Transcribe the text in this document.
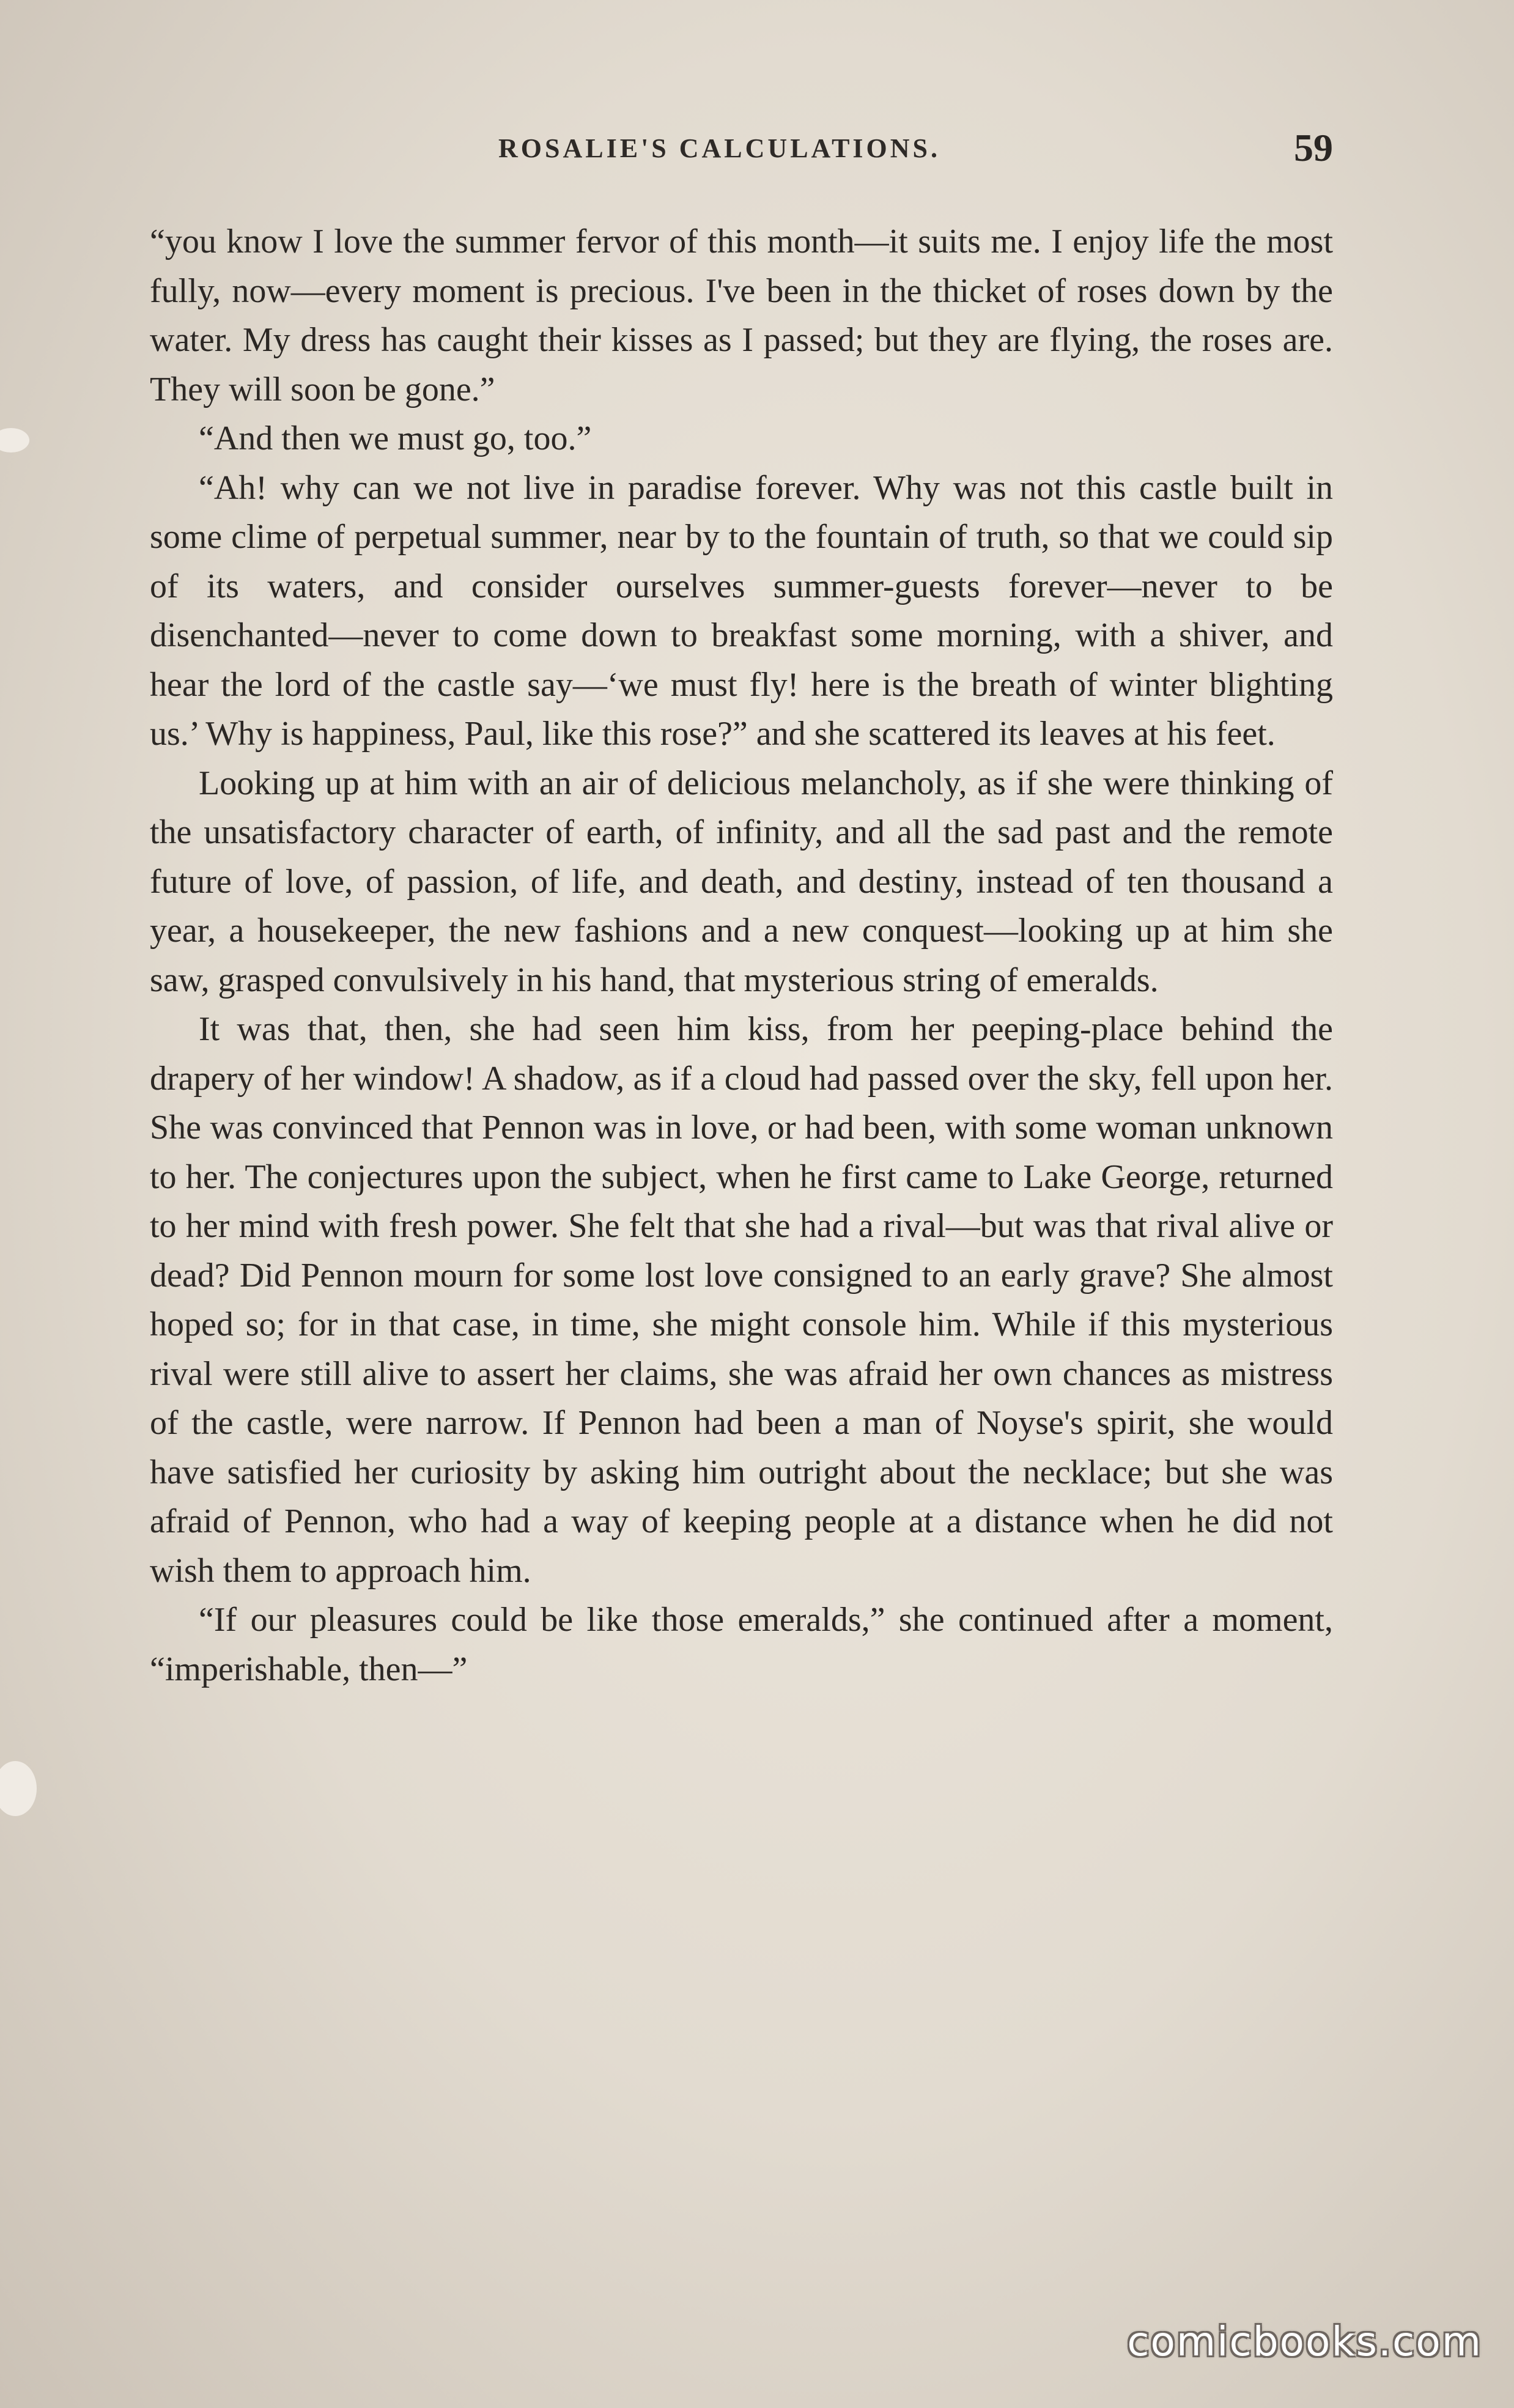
ROSALIE'S CALCULATIONS.	59

“you know I love the summer fervor of this month—it suits me. I enjoy life the most fully, now—every moment is precious. I've been in the thicket of roses down by the water. My dress has caught their kisses as I passed; but they are flying, the roses are. They will soon be gone.”

“And then we must go, too.”

“Ah! why can we not live in paradise forever. Why was not this castle built in some clime of perpetual summer, near by to the fountain of truth, so that we could sip of its waters, and consider ourselves summer-guests forever—never to be disenchanted—never to come down to breakfast some morning, with a shiver, and hear the lord of the castle say—‘we must fly! here is the breath of winter blighting us.’ Why is happiness, Paul, like this rose?” and she scattered its leaves at his feet.

Looking up at him with an air of delicious melancholy, as if she were thinking of the unsatisfactory character of earth, of infinity, and all the sad past and the remote future of love, of passion, of life, and death, and destiny, instead of ten thousand a year, a housekeeper, the new fashions and a new conquest—looking up at him she saw, grasped convulsively in his hand, that mysterious string of emeralds.

It was that, then, she had seen him kiss, from her peeping-place behind the drapery of her window! A shadow, as if a cloud had passed over the sky, fell upon her. She was convinced that Pennon was in love, or had been, with some woman unknown to her. The conjectures upon the subject, when he first came to Lake George, returned to her mind with fresh power. She felt that she had a rival—but was that rival alive or dead? Did Pennon mourn for some lost love consigned to an early grave? She almost hoped so; for in that case, in time, she might console him. While if this mysterious rival were still alive to assert her claims, she was afraid her own chances as mistress of the castle, were narrow. If Pennon had been a man of Noyse's spirit, she would have satisfied her curiosity by asking him outright about the necklace; but she was afraid of Pennon, who had a way of keeping people at a distance when he did not wish them to approach him.

“If our pleasures could be like those emeralds,” she continued after a moment, “imperishable, then—”

comicbooks.com
